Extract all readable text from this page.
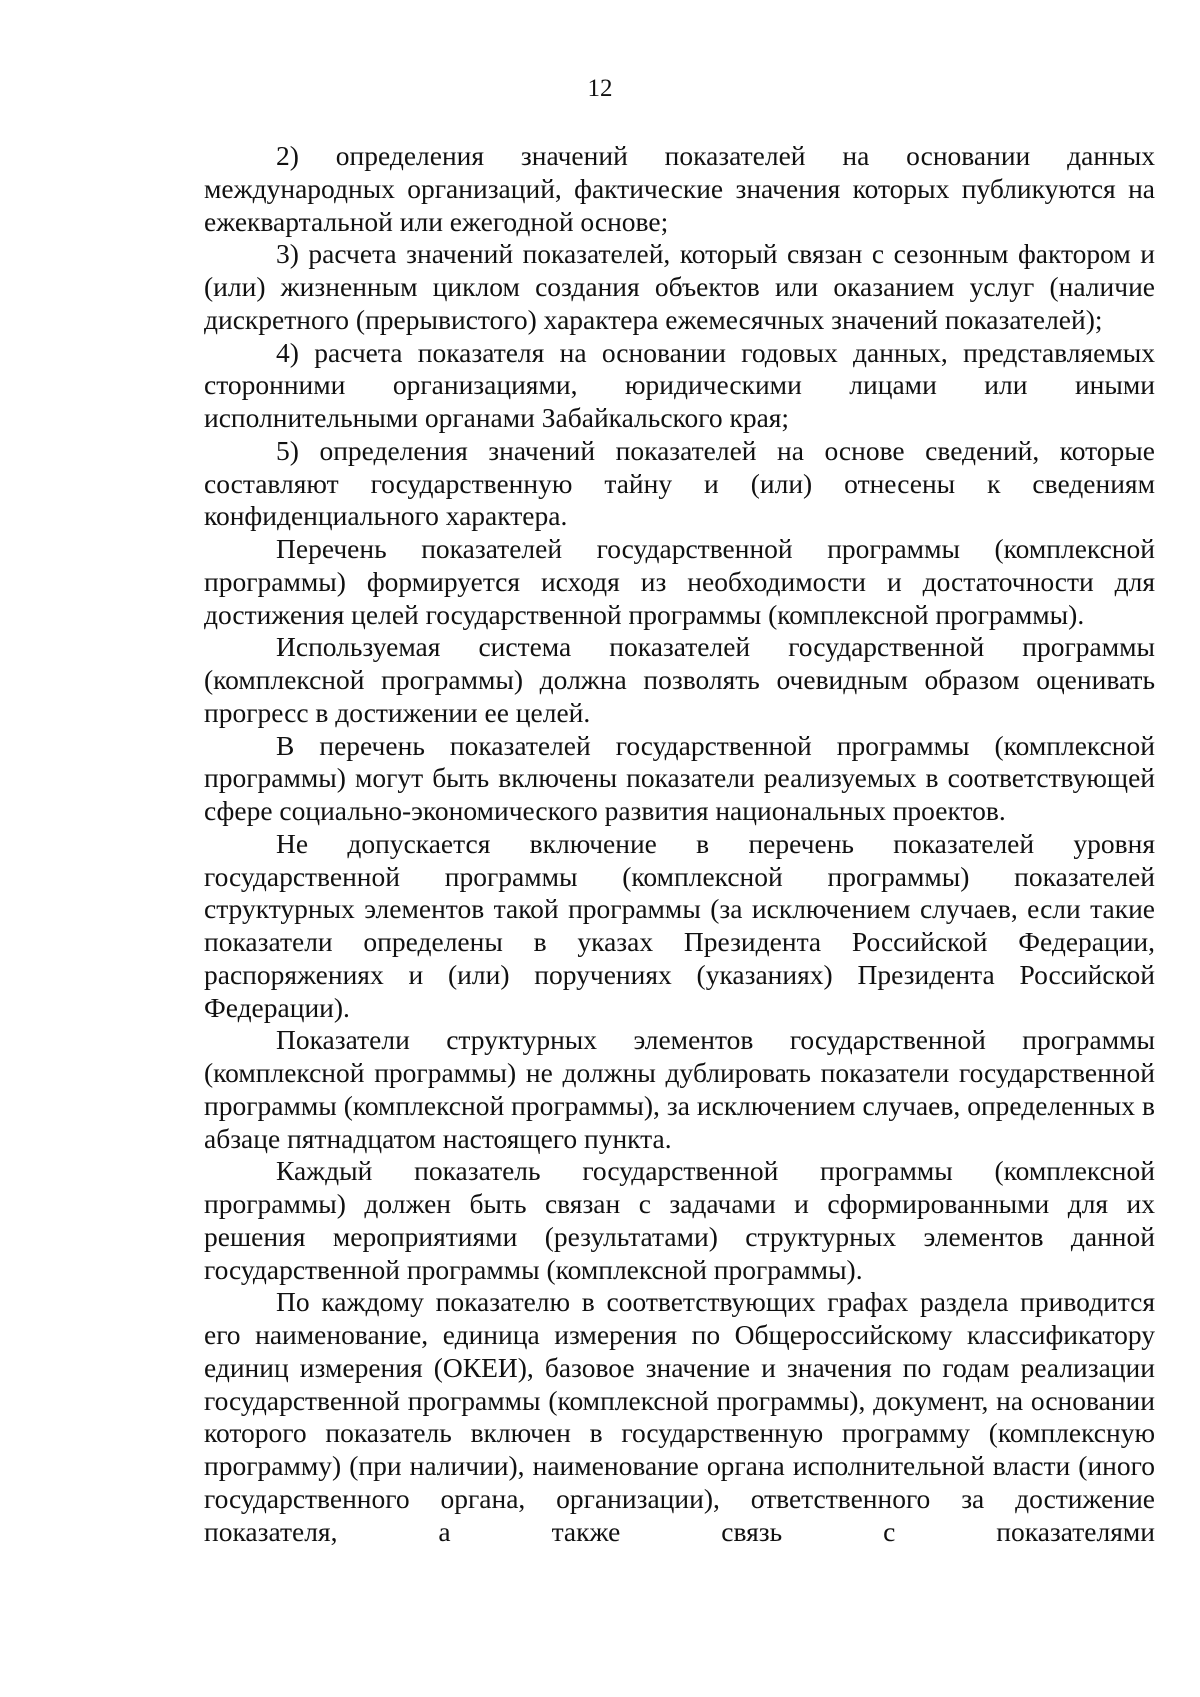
12

2) определения значений показателей на основании данных международных организаций, фактические значения которых публикуются на ежеквартальной или ежегодной основе;

3) расчета значений показателей, который связан с сезонным фактором и (или) жизненным циклом создания объектов или оказанием услуг (наличие дискретного (прерывистого) характера ежемесячных значений показателей);

4) расчета показателя на основании годовых данных, представляемых сторонними организациями, юридическими лицами или иными исполнительными органами Забайкальского края;

5) определения значений показателей на основе сведений, которые составляют государственную тайну и (или) отнесены к сведениям конфиденциального характера.

Перечень показателей государственной программы (комплексной программы) формируется исходя из необходимости и достаточности для достижения целей государственной программы (комплексной программы).

Используемая система показателей государственной программы (комплексной программы) должна позволять очевидным образом оценивать прогресс в достижении ее целей.

В перечень показателей государственной программы (комплексной программы) могут быть включены показатели реализуемых в соответствующей сфере социально-экономического развития национальных проектов.

Не допускается включение в перечень показателей уровня государственной программы (комплексной программы) показателей структурных элементов такой программы (за исключением случаев, если такие показатели определены в указах Президента Российской Федерации, распоряжениях и (или) поручениях (указаниях) Президента Российской Федерации).

Показатели структурных элементов государственной программы (комплексной программы) не должны дублировать показатели государственной программы (комплексной программы), за исключением случаев, определенных в абзаце пятнадцатом настоящего пункта.

Каждый показатель государственной программы (комплексной программы) должен быть связан с задачами и сформированными для их решения мероприятиями (результатами) структурных элементов данной государственной программы (комплексной программы).

По каждому показателю в соответствующих графах раздела приводится его наименование, единица измерения по Общероссийскому классификатору единиц измерения (ОКЕИ), базовое значение и значения по годам реализации государственной программы (комплексной программы), документ, на основании которого показатель включен в государственную программу (комплексную программу) (при наличии), наименование органа исполнительной власти (иного государственного органа, организации), ответственного за достижение показателя, а также связь с показателями
